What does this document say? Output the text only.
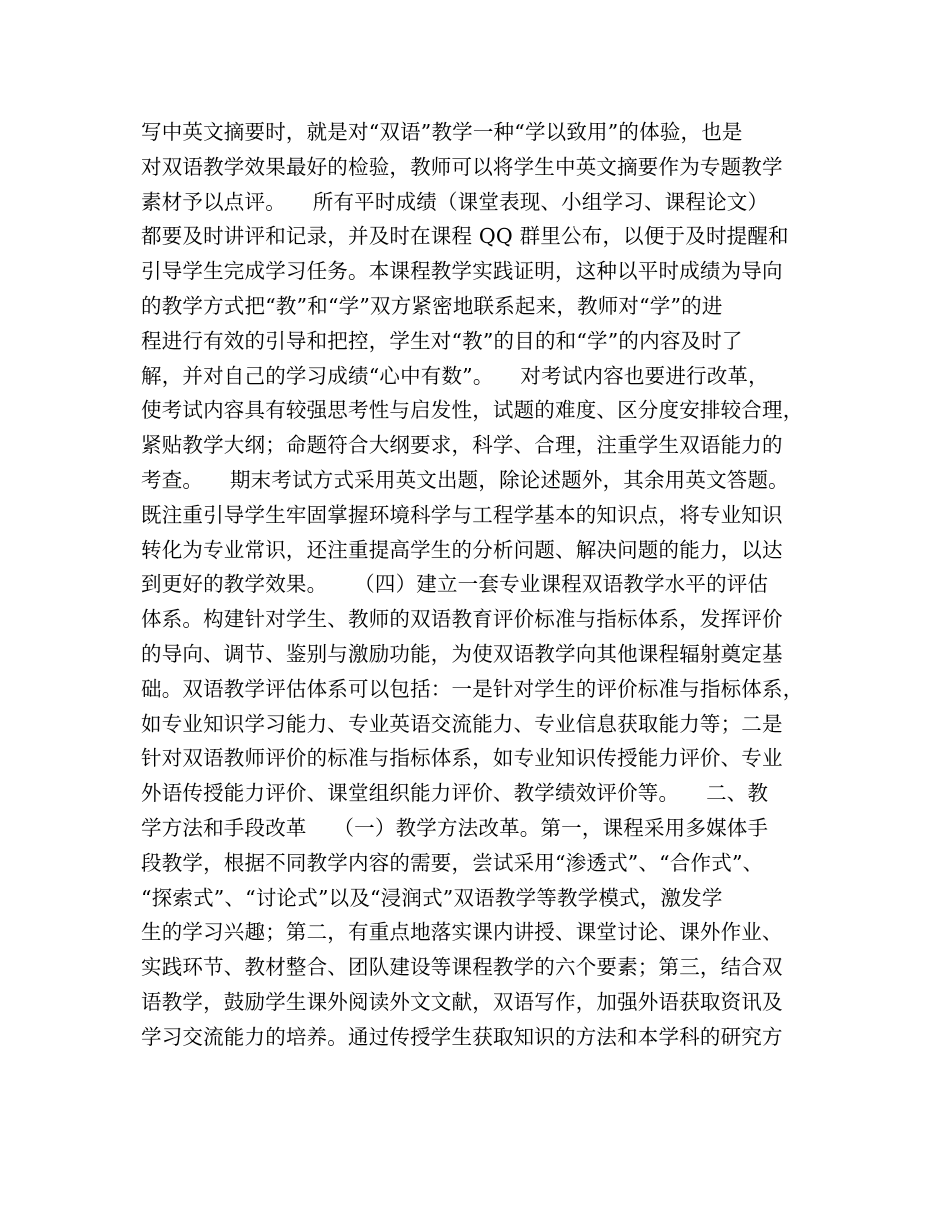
写中英文摘要时，就是对“双语”教学一种“学以致用”的体验，也是
对双语教学效果最好的检验，教师可以将学生中英文摘要作为专题教学
素材予以点评。    所有平时成绩（课堂表现、小组学习、课程论文）
都要及时讲评和记录，并及时在课程 QQ 群里公布，以便于及时提醒和
引导学生完成学习任务。本课程教学实践证明，这种以平时成绩为导向
的教学方式把“教”和“学”双方紧密地联系起来，教师对“学”的进
程进行有效的引导和把控，学生对“教”的目的和“学”的内容及时了
解，并对自己的学习成绩“心中有数”。    对考试内容也要进行改革，
使考试内容具有较强思考性与启发性，试题的难度、区分度安排较合理，
紧贴教学大纲；命题符合大纲要求，科学、合理，注重学生双语能力的
考查。    期末考试方式采用英文出题，除论述题外，其余用英文答题。
既注重引导学生牢固掌握环境科学与工程学基本的知识点，将专业知识
转化为专业常识，还注重提高学生的分析问题、解决问题的能力，以达
到更好的教学效果。    （四）建立一套专业课程双语教学水平的评估
体系。构建针对学生、教师的双语教育评价标准与指标体系，发挥评价
的导向、调节、鉴别与激励功能，为使双语教学向其他课程辐射奠定基
础。双语教学评估体系可以包括：一是针对学生的评价标准与指标体系，
如专业知识学习能力、专业英语交流能力、专业信息获取能力等；二是
针对双语教师评价的标准与指标体系，如专业知识传授能力评价、专业
外语传授能力评价、课堂组织能力评价、教学绩效评价等。    二、教
学方法和手段改革    （一）教学方法改革。第一，课程采用多媒体手
段教学，根据不同教学内容的需要，尝试采用“渗透式”、“合作式”、
“探索式”、“讨论式”以及“浸润式”双语教学等教学模式，激发学
生的学习兴趣；第二，有重点地落实课内讲授、课堂讨论、课外作业、
实践环节、教材整合、团队建设等课程教学的六个要素；第三，结合双
语教学，鼓励学生课外阅读外文文献，双语写作，加强外语获取资讯及
学习交流能力的培养。通过传授学生获取知识的方法和本学科的研究方
